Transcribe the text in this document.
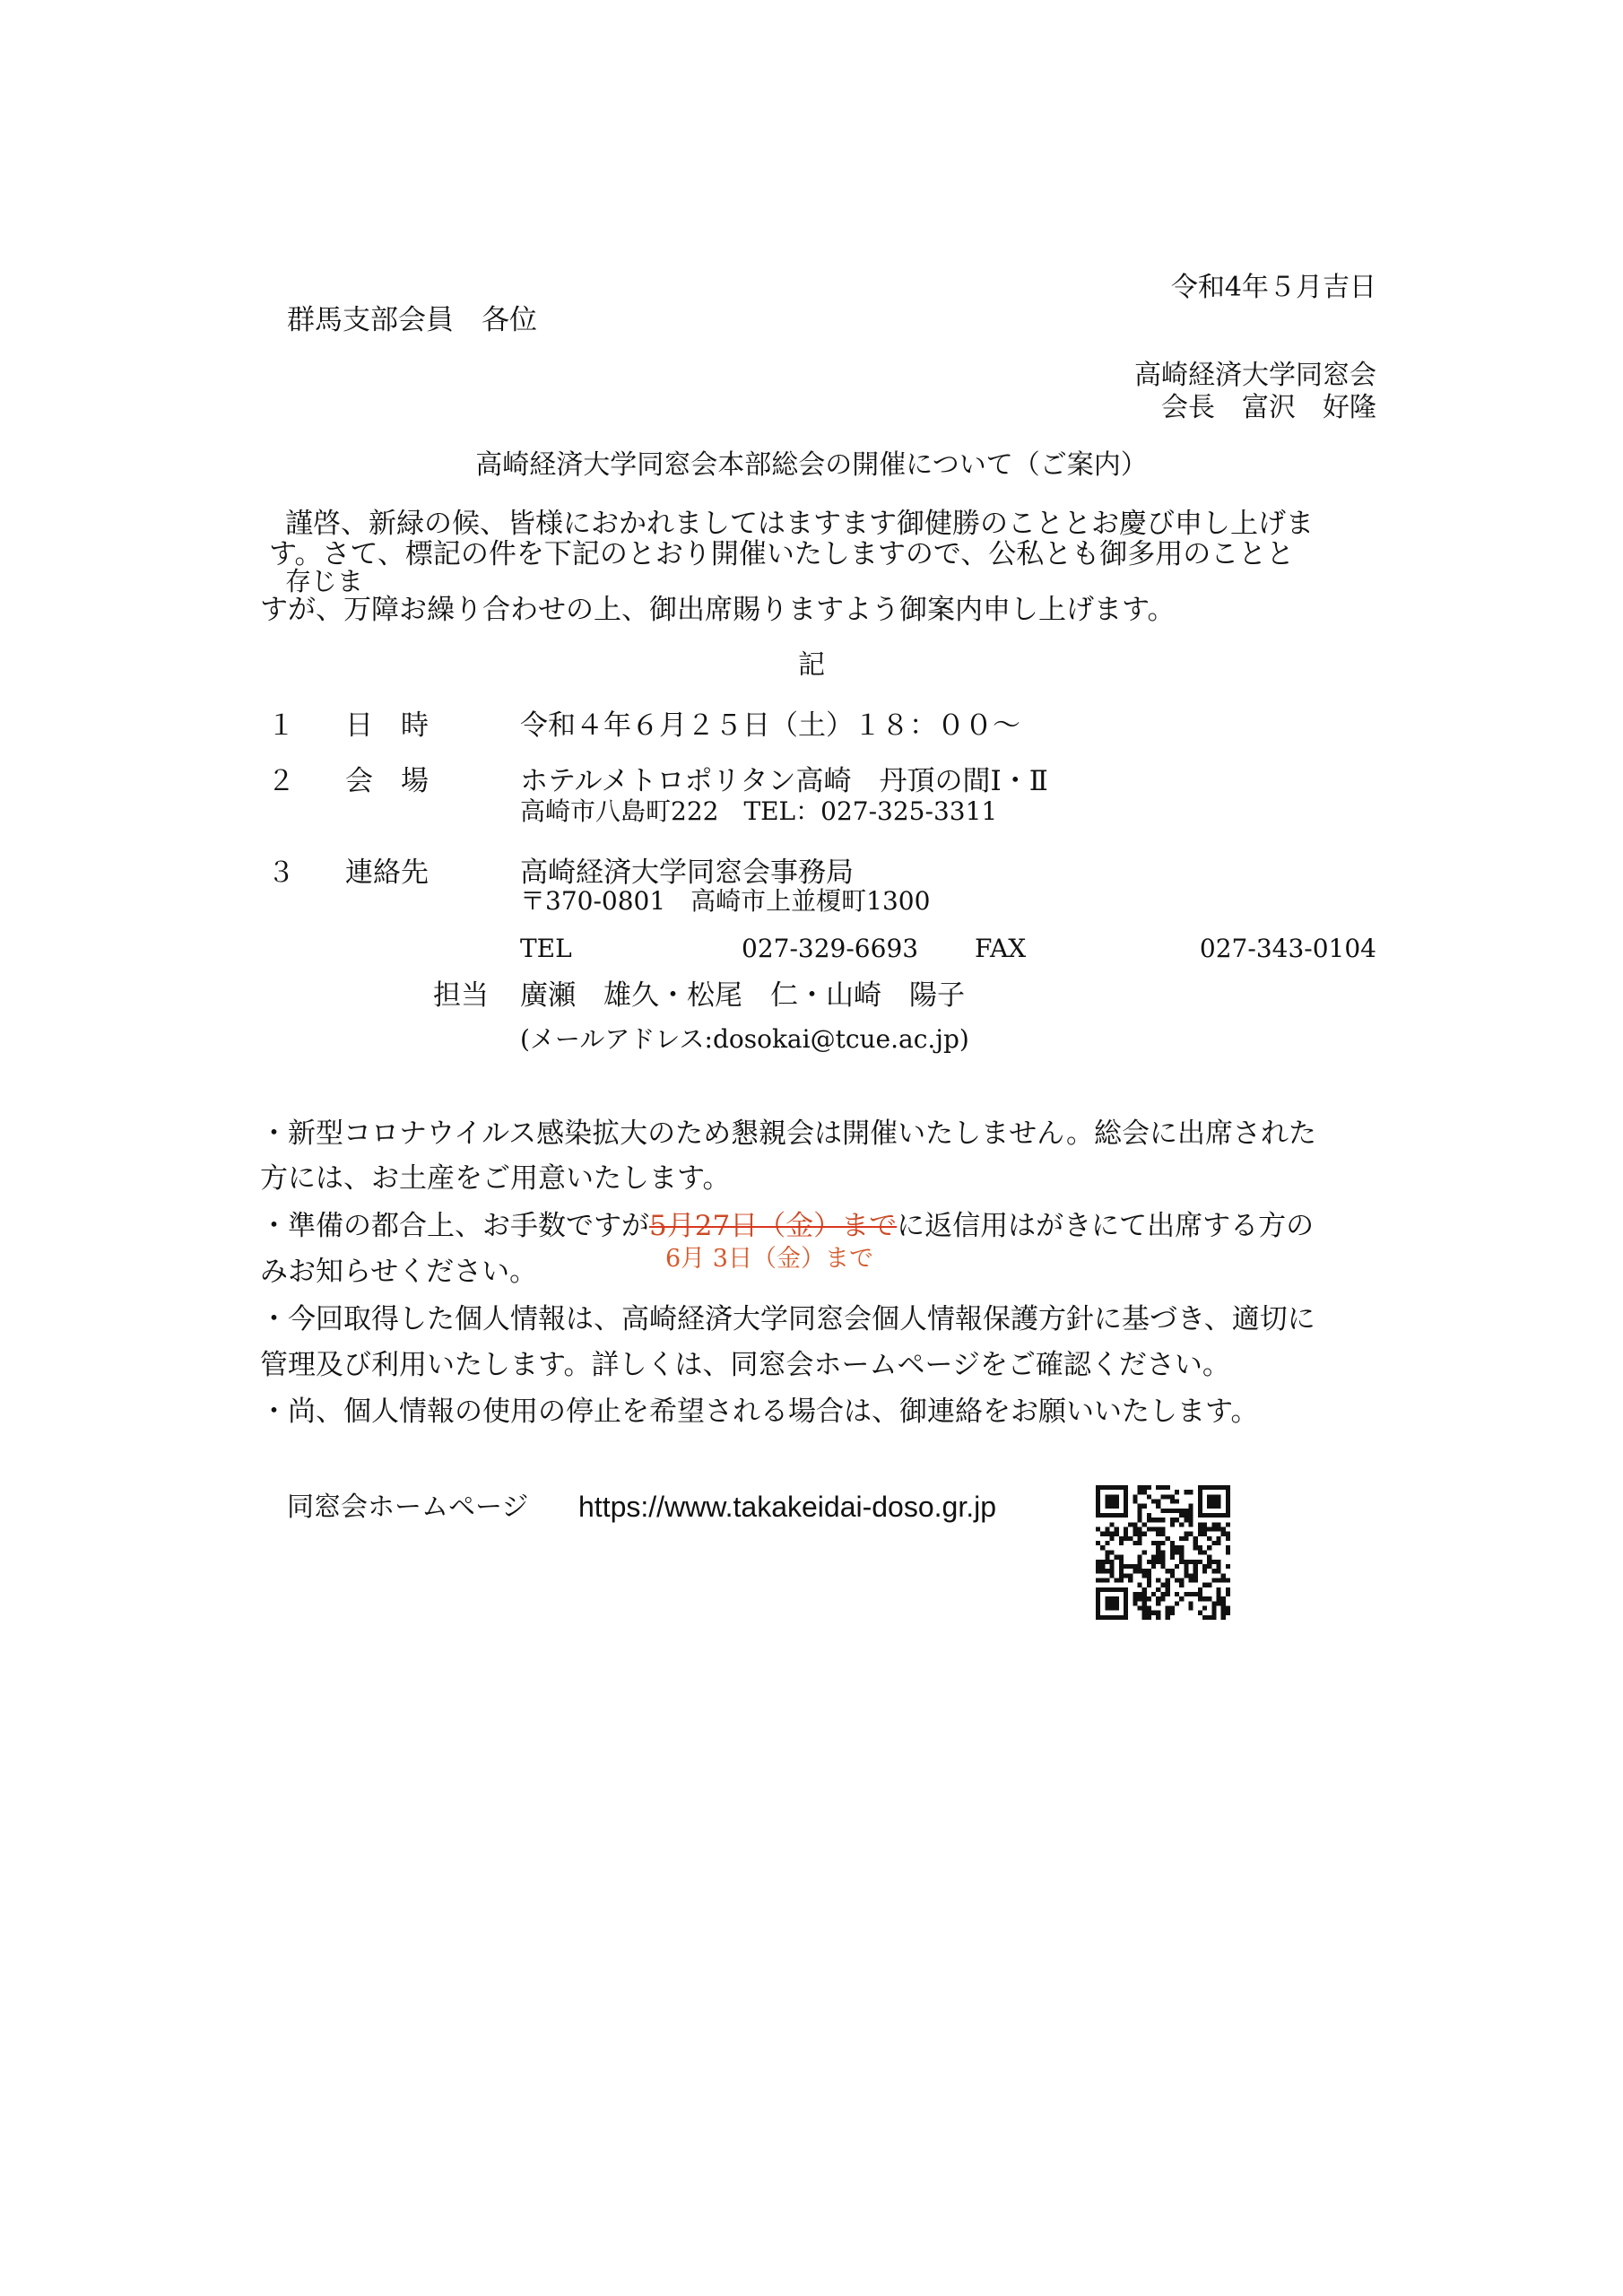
令和4年５月吉日
群馬支部会員　各位
高崎経済大学同窓会
会長　富沢　好隆
高崎経済大学同窓会本部総会の開催について（ご案内）
謹啓、新緑の候、皆様におかれましてはますます御健勝のこととお慶び申し上げま
す。さて、標記の件を下記のとおり開催いたしますので、公私とも御多用のことと
存じま
すが、万障お繰り合わせの上、御出席賜りますよう御案内申し上げます。
記
１ 日　時	令和４年６月２５日（土）１８：００～
２ 会　場	ホテルメトロポリタン高崎　丹頂の間Ⅰ・Ⅱ
高崎市八島町222　TEL：027-325-3311
３ 連絡先	高崎経済大学同窓会事務局
〒370-0801　高崎市上並榎町1300
TEL	027-329-6693 FAX	027-343-0104
担当 廣瀬　雄久・松尾　仁・山崎　陽子
(メールアドレス:dosokai@tcue.ac.jp)
・新型コロナウイルス感染拡大のため懇親会は開催いたしません。総会に出席された
方には、お土産をご用意いたします。
・準備の都合上、お手数ですが5月27日（金）までに返信用はがきにて出席する方の
6月 3日（金）まで
みお知らせください。
・今回取得した個人情報は、高崎経済大学同窓会個人情報保護方針に基づき、適切に
管理及び利用いたします。詳しくは、同窓会ホームページをご確認ください。
・尚、個人情報の使用の停止を希望される場合は、御連絡をお願いいたします。
同窓会ホームページ https://www.takakeidai-doso.gr.jp
